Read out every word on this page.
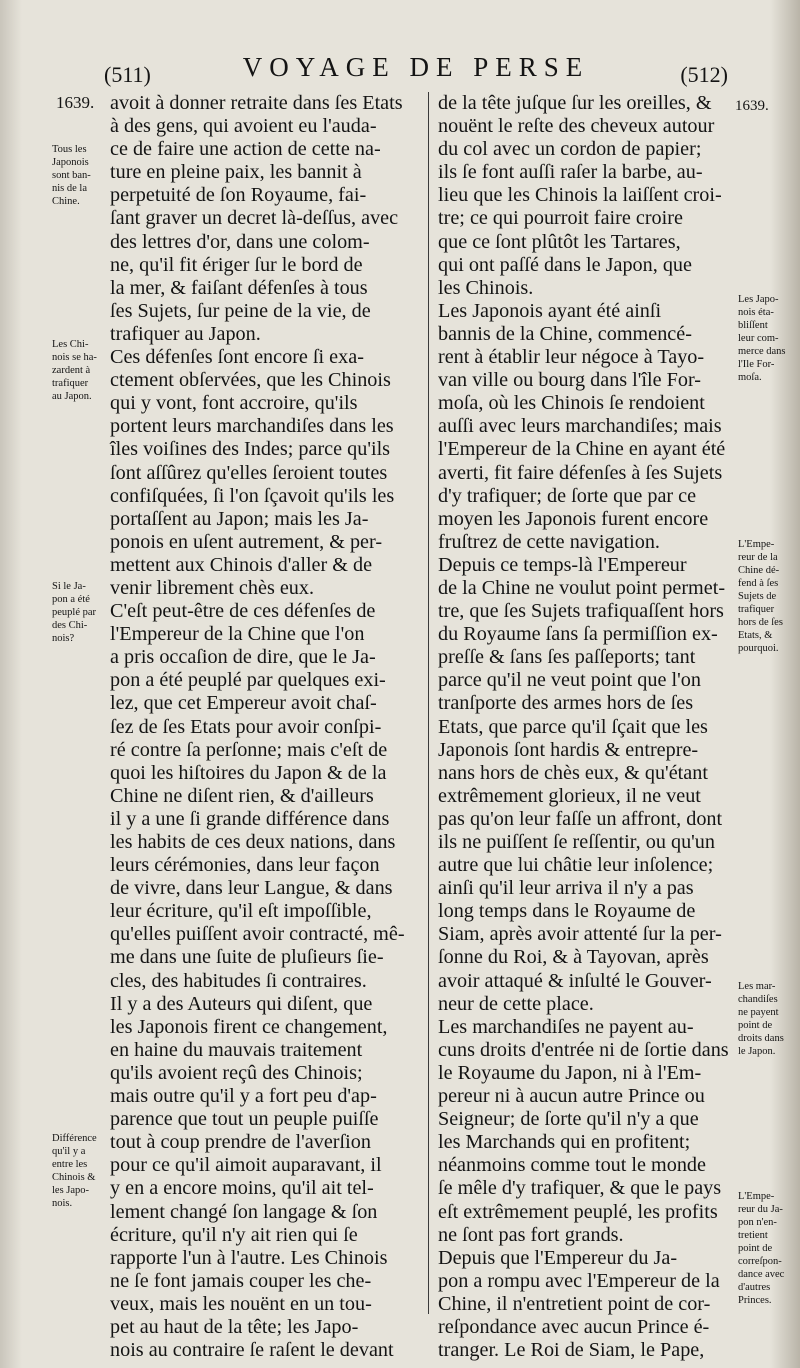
(511)	VOYAGE DE PERSE	(512)
1639.	1639.
Tous les
Japonois
sont ban-
nis de la
Chine.
Les Chi-
nois se ha-
zardent à
trafiquer
au Japon.
Si le Ja-
pon a été
peuplé par
des Chi-
nois?
Différence
qu'il y a
entre les
Chinois &
les Japo-
nois.
Les Japo-
nois éta-
bliſſent
leur com-
merce dans
l'Ile For-
moſa.
L'Empe-
reur de la
Chine dé-
fend à ſes
Sujets de
trafiquer
hors de ſes
Etats, &
pourquoi.
Les mar-
chandiſes
ne payent
point de
droits dans
le Japon.
L'Empe-
reur du Ja-
pon n'en-
tretient
point de
correſpon-
dance avec
d'autres
Princes.
avoit à donner retraite dans ſes Etats
à des gens, qui avoient eu l'auda-
ce de faire une action de cette na-
ture en pleine paix, les bannit à
perpetuité de ſon Royaume, fai-
ſant graver un decret là-deſſus, avec
des lettres d'or, dans une colom-
ne, qu'il fit ériger ſur le bord de
la mer, & faiſant défenſes à tous
ſes Sujets, ſur peine de la vie, de
trafiquer au Japon.
Ces défenſes ſont encore ſi exa-
ctement obſervées, que les Chinois
qui y vont, font accroire, qu'ils
portent leurs marchandiſes dans les
îles voiſines des Indes; parce qu'ils
ſont aſſûrez qu'elles ſeroient toutes
confiſquées, ſi l'on ſçavoit qu'ils les
portaſſent au Japon; mais les Ja-
ponois en uſent autrement, & per-
mettent aux Chinois d'aller & de
venir librement chès eux.
C'eſt peut-être de ces défenſes de
l'Empereur de la Chine que l'on
a pris occaſion de dire, que le Ja-
pon a été peuplé par quelques exi-
lez, que cet Empereur avoit chaſ-
ſez de ſes Etats pour avoir conſpi-
ré contre ſa perſonne; mais c'eſt de
quoi les hiſtoires du Japon & de la
Chine ne diſent rien, & d'ailleurs
il y a une ſi grande différence dans
les habits de ces deux nations, dans
leurs cérémonies, dans leur façon
de vivre, dans leur Langue, & dans
leur écriture, qu'il eſt impoſſible,
qu'elles puiſſent avoir contracté, mê-
me dans une ſuite de pluſieurs ſie-
cles, des habitudes ſi contraires.
Il y a des Auteurs qui diſent, que
les Japonois firent ce changement,
en haine du mauvais traitement
qu'ils avoient reçû des Chinois;
mais outre qu'il y a fort peu d'ap-
parence que tout un peuple puiſſe
tout à coup prendre de l'averſion
pour ce qu'il aimoit auparavant, il
y en a encore moins, qu'il ait tel-
lement changé ſon langage & ſon
écriture, qu'il n'y ait rien qui ſe
rapporte l'un à l'autre. Les Chinois
ne ſe font jamais couper les che-
veux, mais les nouënt en un tou-
pet au haut de la tête; les Japo-
nois au contraire ſe raſent le devant
de la tête juſque ſur les oreilles, &
nouënt le reſte des cheveux autour
du col avec un cordon de papier;
ils ſe font auſſi raſer la barbe, au-
lieu que les Chinois la laiſſent croi-
tre; ce qui pourroit faire croire
que ce ſont plûtôt les Tartares,
qui ont paſſé dans le Japon, que
les Chinois.
Les Japonois ayant été ainſi
bannis de la Chine, commencé-
rent à établir leur négoce à Tayo-
van ville ou bourg dans l'île For-
moſa, où les Chinois ſe rendoient
auſſi avec leurs marchandiſes; mais
l'Empereur de la Chine en ayant été
averti, fit faire défenſes à ſes Sujets
d'y trafiquer; de ſorte que par ce
moyen les Japonois furent encore
fruſtrez de cette navigation.
Depuis ce temps-là l'Empereur
de la Chine ne voulut point permet-
tre, que ſes Sujets trafiquaſſent hors
du Royaume ſans ſa permiſſion ex-
preſſe & ſans ſes paſſeports; tant
parce qu'il ne veut point que l'on
tranſporte des armes hors de ſes
Etats, que parce qu'il ſçait que les
Japonois ſont hardis & entrepre-
nans hors de chès eux, & qu'étant
extrêmement glorieux, il ne veut
pas qu'on leur faſſe un affront, dont
ils ne puiſſent ſe reſſentir, ou qu'un
autre que lui châtie leur inſolence;
ainſi qu'il leur arriva il n'y a pas
long temps dans le Royaume de
Siam, après avoir attenté ſur la per-
ſonne du Roi, & à Tayovan, après
avoir attaqué & inſulté le Gouver-
neur de cette place.
Les marchandiſes ne payent au-
cuns droits d'entrée ni de ſortie dans
le Royaume du Japon, ni à l'Em-
pereur ni à aucun autre Prince ou
Seigneur; de ſorte qu'il n'y a que
les Marchands qui en profitent;
néanmoins comme tout le monde
ſe mêle d'y trafiquer, & que le pays
eſt extrêmement peuplé, les profits
ne ſont pas fort grands.
Depuis que l'Empereur du Ja-
pon a rompu avec l'Empereur de la
Chine, il n'entretient point de cor-
reſpondance avec aucun Prince é-
tranger. Le Roi de Siam, le Pape,
